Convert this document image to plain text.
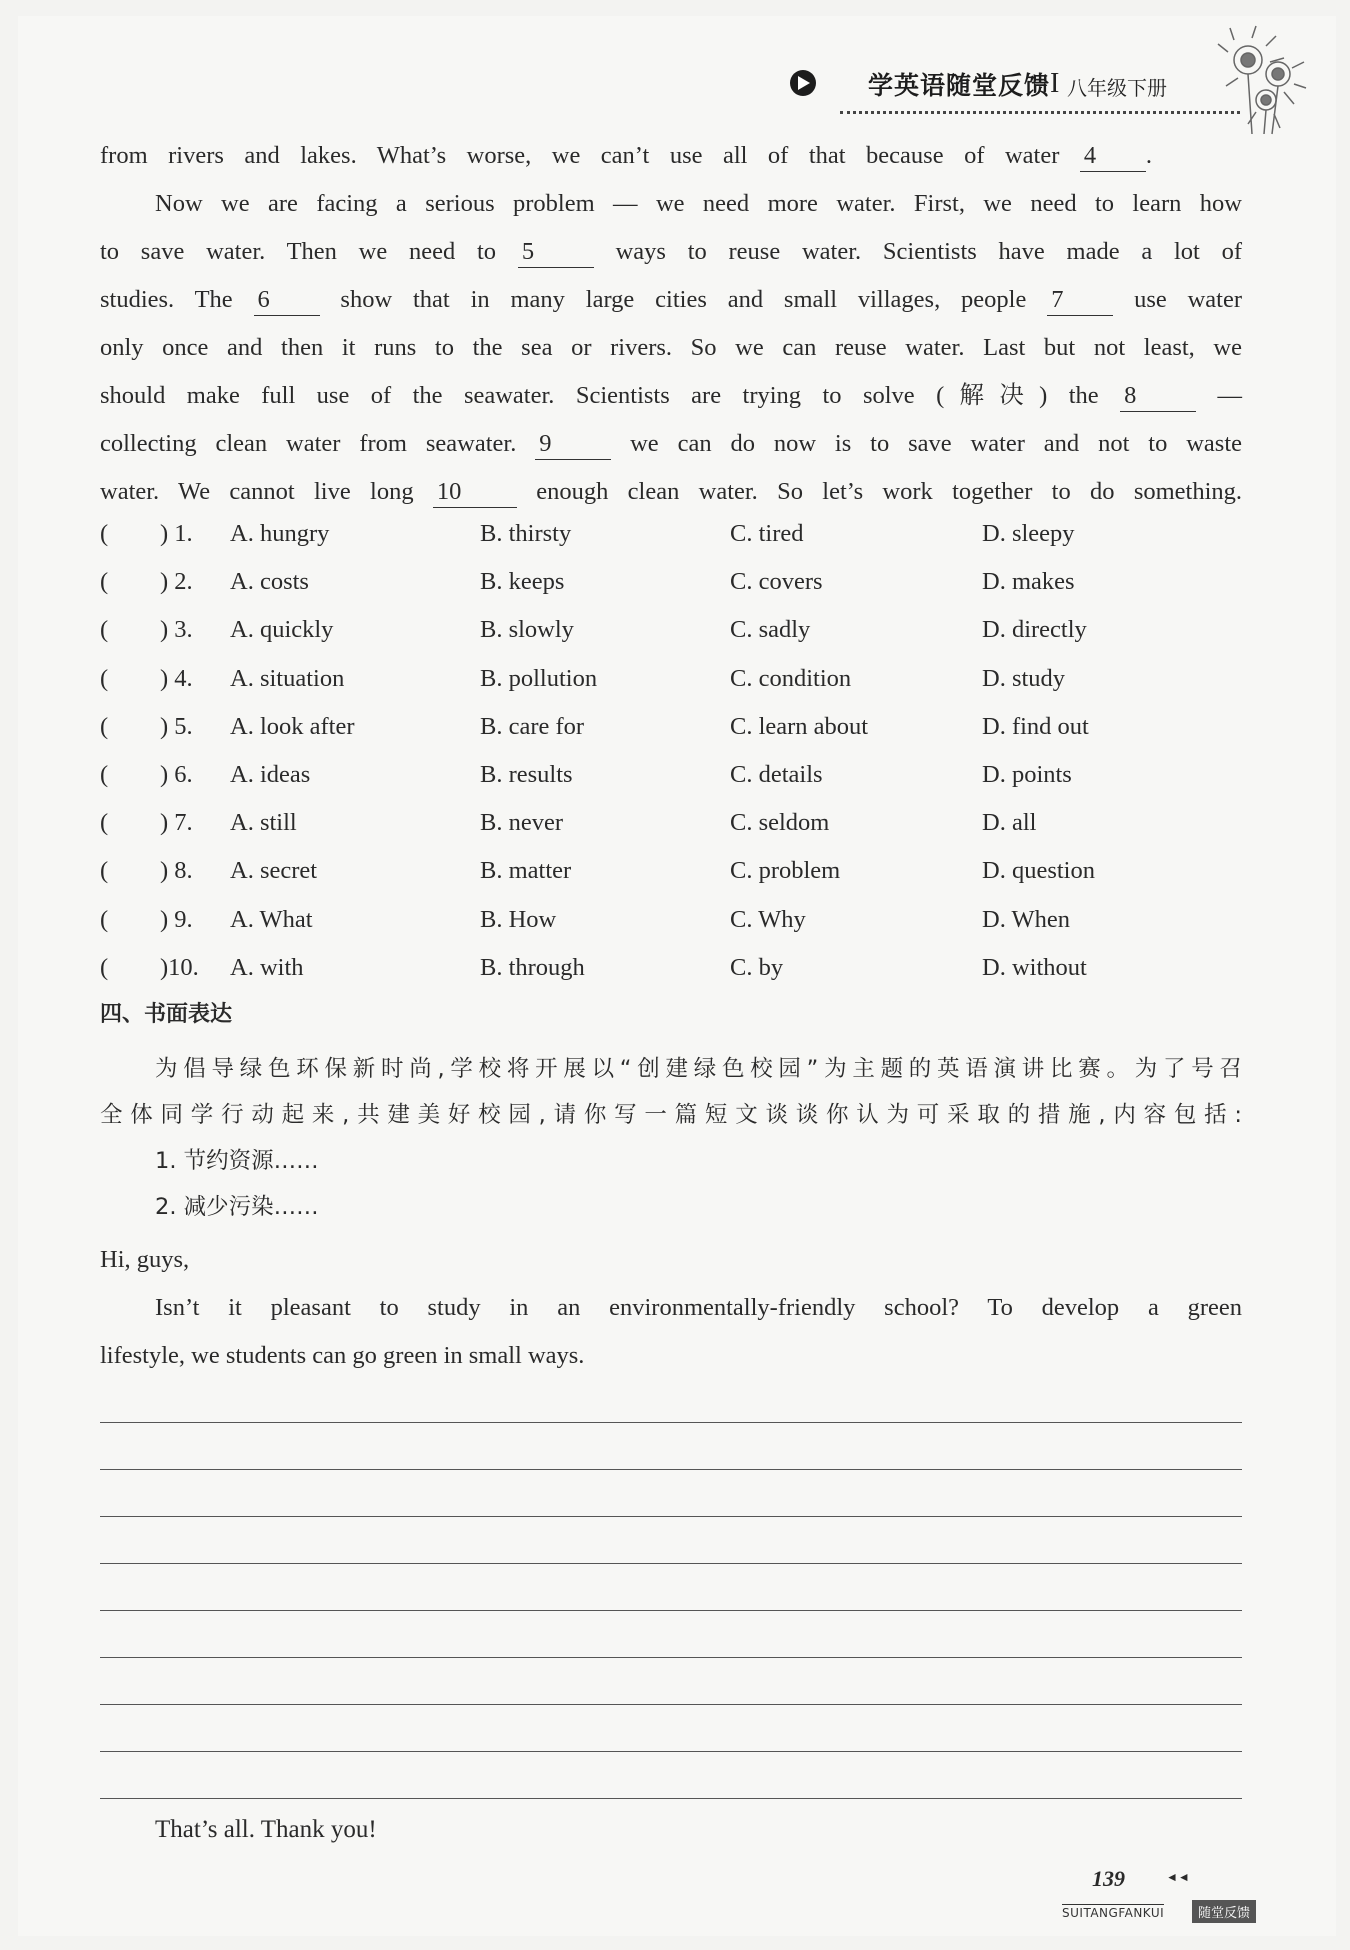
学英语随堂反馈 I 八年级下册

from rivers and lakes. What’s worse, we can’t use all of that because of water 4 .

Now we are facing a serious problem — we need more water. First, we need to learn how

to save water. Then we need to 5	ways to reuse water. Scientists have made a lot of

studies. The 6	show that in many large cities and small villages, people 7	use water

only once and then it runs to the sea or rivers. So we can reuse water. Last but not least, we

should make full use of the seawater. Scientists are trying to solve (解决) the 8	—

collecting clean water from seawater. 9	we can do now is to save water and not to waste

water. We cannot live long 10	enough clean water. So let’s work together to do something.

( ) 1. A. hungry	B. thirsty	C. tired	D. sleepy
( ) 2. A. costs	B. keeps	C. covers	D. makes
( ) 3. A. quickly	B. slowly	C. sadly	D. directly
( ) 4. A. situation	B. pollution	C. condition	D. study
( ) 5. A. look after	B. care for	C. learn about	D. find out
( ) 6. A. ideas	B. results	C. details	D. points
( ) 7. A. still	B. never	C. seldom	D. all
( ) 8. A. secret	B. matter	C. problem	D. question
( ) 9. A. What	B. How	C. Why	D. When
( )10. A. with	B. through	C. by	D. without
四、书面表达

为倡导绿色环保新时尚,学校将开展以“创建绿色校园”为主题的英语演讲比赛。为了号召

全体同学行动起来,共建美好校园,请你写一篇短文谈谈你认为可采取的措施,内容包括:

1. 节约资源……

2. 减少污染……

Hi, guys,

Isn’t it pleasant to study in an environmentally-friendly school? To develop a green

lifestyle, we students can go green in small ways.

That’s all. Thank you!
139	◄◄
SUITANGFANKUI	随堂反馈
